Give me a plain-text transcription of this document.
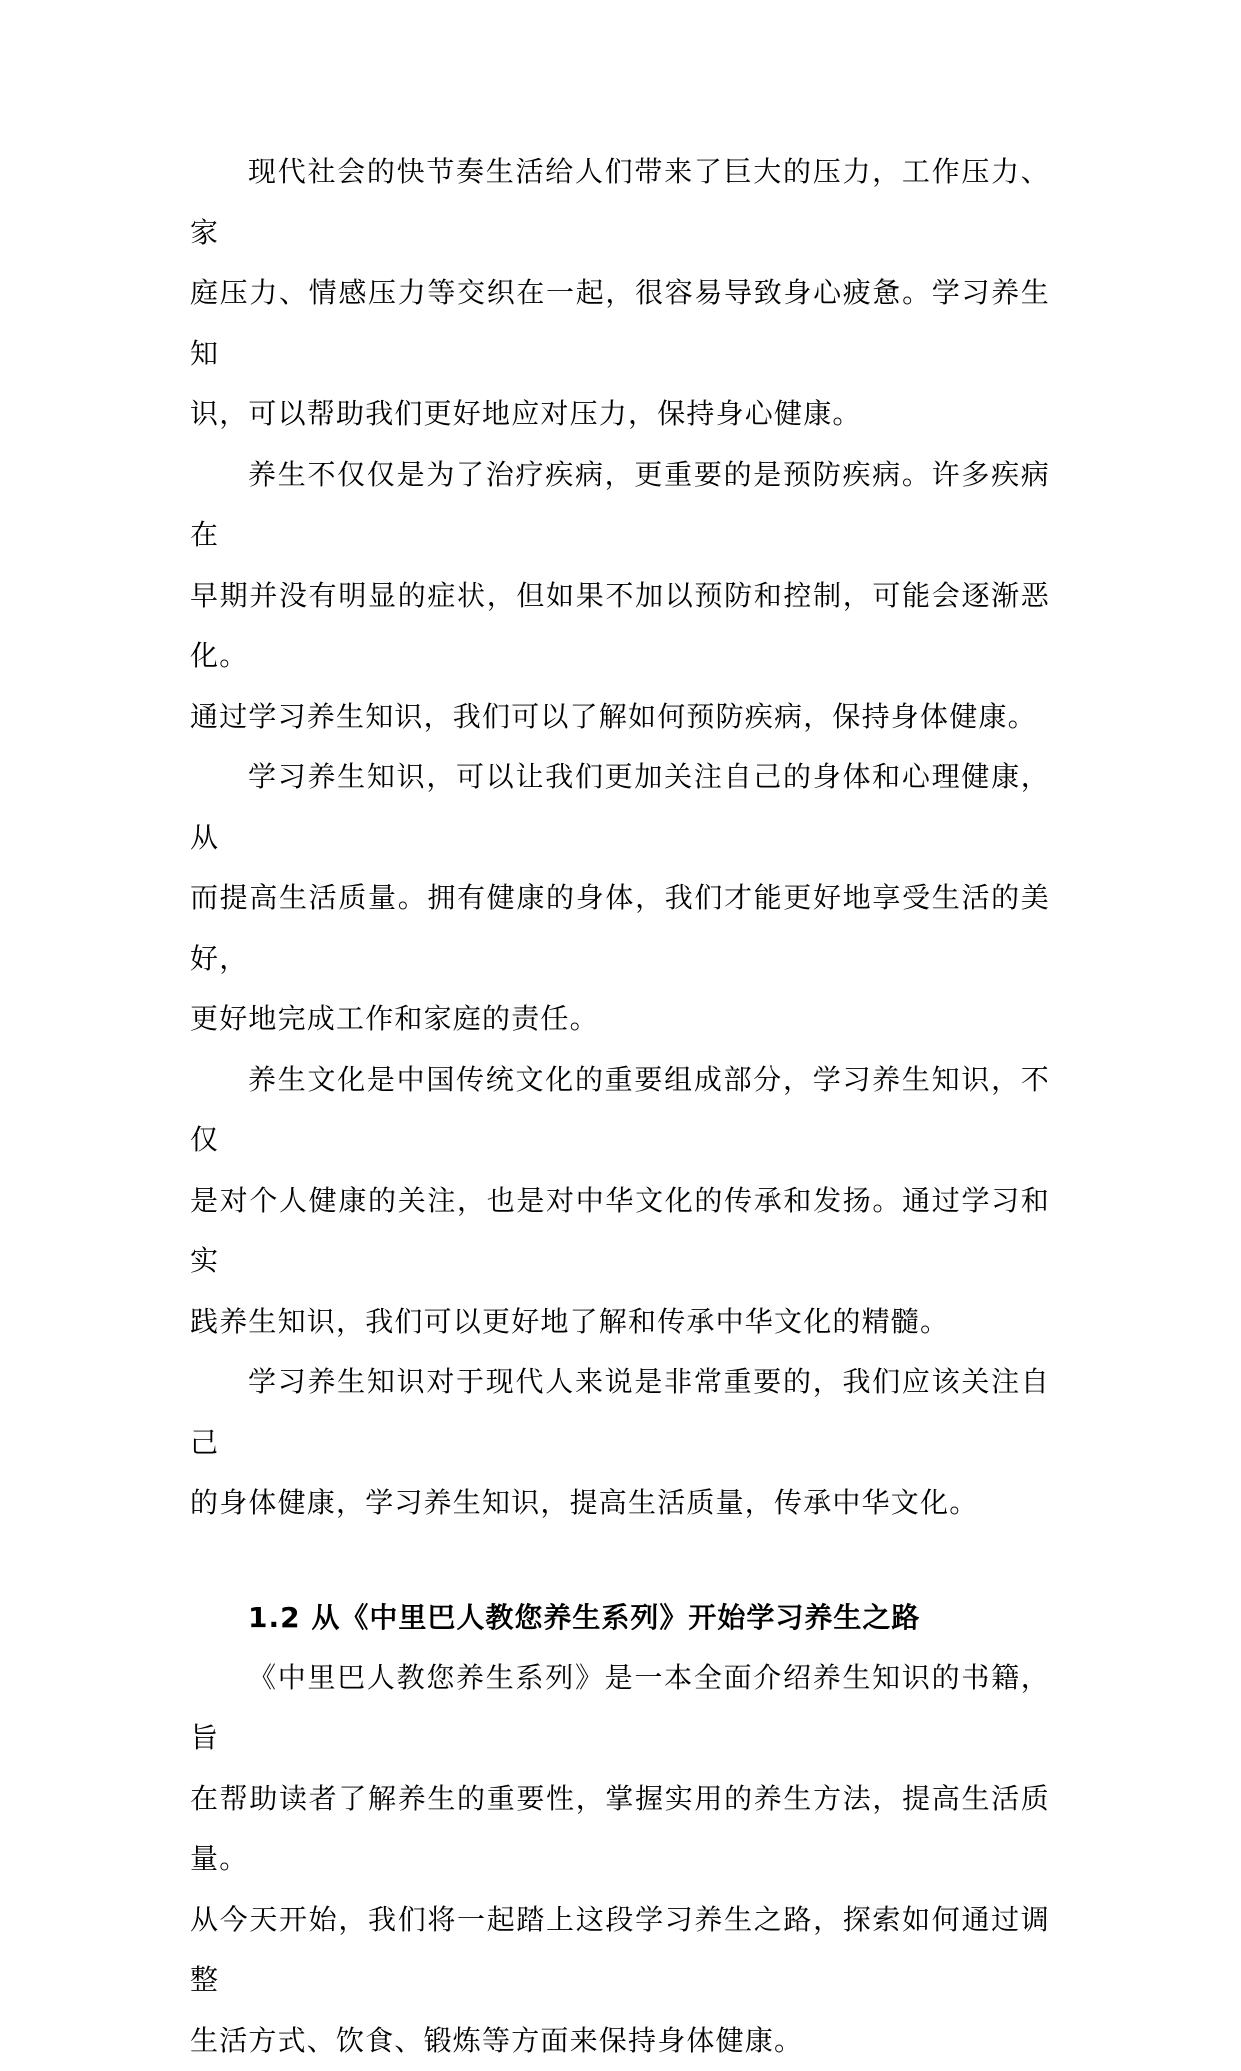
现代社会的快节奏生活给人们带来了巨大的压力，工作压力、家
庭压力、情感压力等交织在一起，很容易导致身心疲惫。学习养生知
识，可以帮助我们更好地应对压力，保持身心健康。

养生不仅仅是为了治疗疾病，更重要的是预防疾病。许多疾病在
早期并没有明显的症状，但如果不加以预防和控制，可能会逐渐恶化。
通过学习养生知识，我们可以了解如何预防疾病，保持身体健康。

学习养生知识，可以让我们更加关注自己的身体和心理健康，从
而提高生活质量。拥有健康的身体，我们才能更好地享受生活的美好，
更好地完成工作和家庭的责任。

养生文化是中国传统文化的重要组成部分，学习养生知识，不仅
是对个人健康的关注，也是对中华文化的传承和发扬。通过学习和实
践养生知识，我们可以更好地了解和传承中华文化的精髓。

学习养生知识对于现代人来说是非常重要的，我们应该关注自己
的身体健康，学习养生知识，提高生活质量，传承中华文化。

1.2 从《中里巴人教您养生系列》开始学习养生之路

《中里巴人教您养生系列》是一本全面介绍养生知识的书籍，旨
在帮助读者了解养生的重要性，掌握实用的养生方法，提高生活质量。
从今天开始，我们将一起踏上这段学习养生之路，探索如何通过调整
生活方式、饮食、锻炼等方面来保持身体健康。
